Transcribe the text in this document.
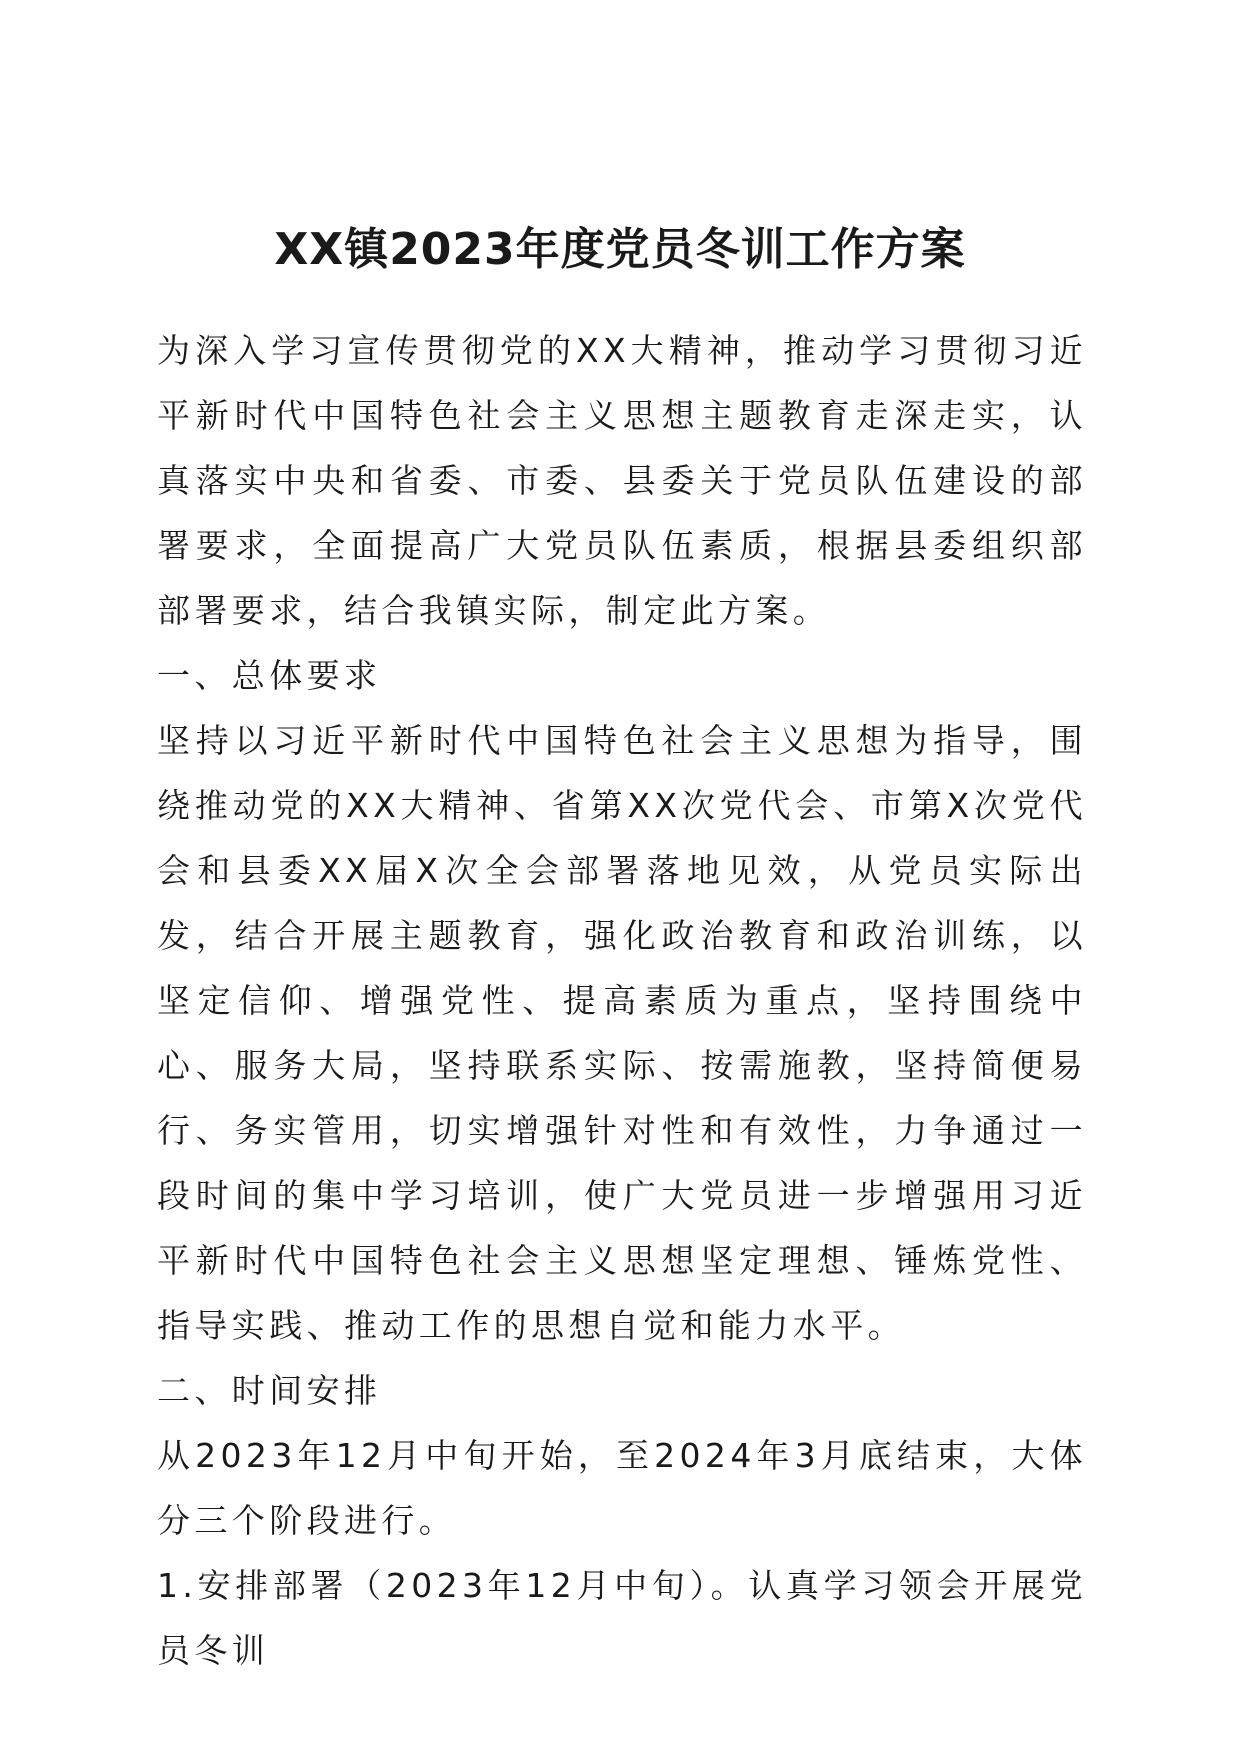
XX镇2023年度党员冬训工作方案

为深入学习宣传贯彻党的XX大精神，推动学习贯彻习近平新时代中国特色社会主义思想主题教育走深走实，认真落实中央和省委、市委、县委关于党员队伍建设的部署要求，全面提高广大党员队伍素质，根据县委组织部部署要求，结合我镇实际，制定此方案。

一、总体要求

坚持以习近平新时代中国特色社会主义思想为指导，围绕推动党的XX大精神、省第XX次党代会、市第X次党代会和县委XX届X次全会部署落地见效，从党员实际出发，结合开展主题教育，强化政治教育和政治训练，以坚定信仰、增强党性、提高素质为重点，坚持围绕中心、服务大局，坚持联系实际、按需施教，坚持简便易行、务实管用，切实增强针对性和有效性，力争通过一段时间的集中学习培训，使广大党员进一步增强用习近平新时代中国特色社会主义思想坚定理想、锤炼党性、指导实践、推动工作的思想自觉和能力水平。

二、时间安排

从2023年12月中旬开始，至2024年3月底结束，大体分三个阶段进行。

1.安排部署（2023年12月中旬）。认真学习领会开展党员冬训
